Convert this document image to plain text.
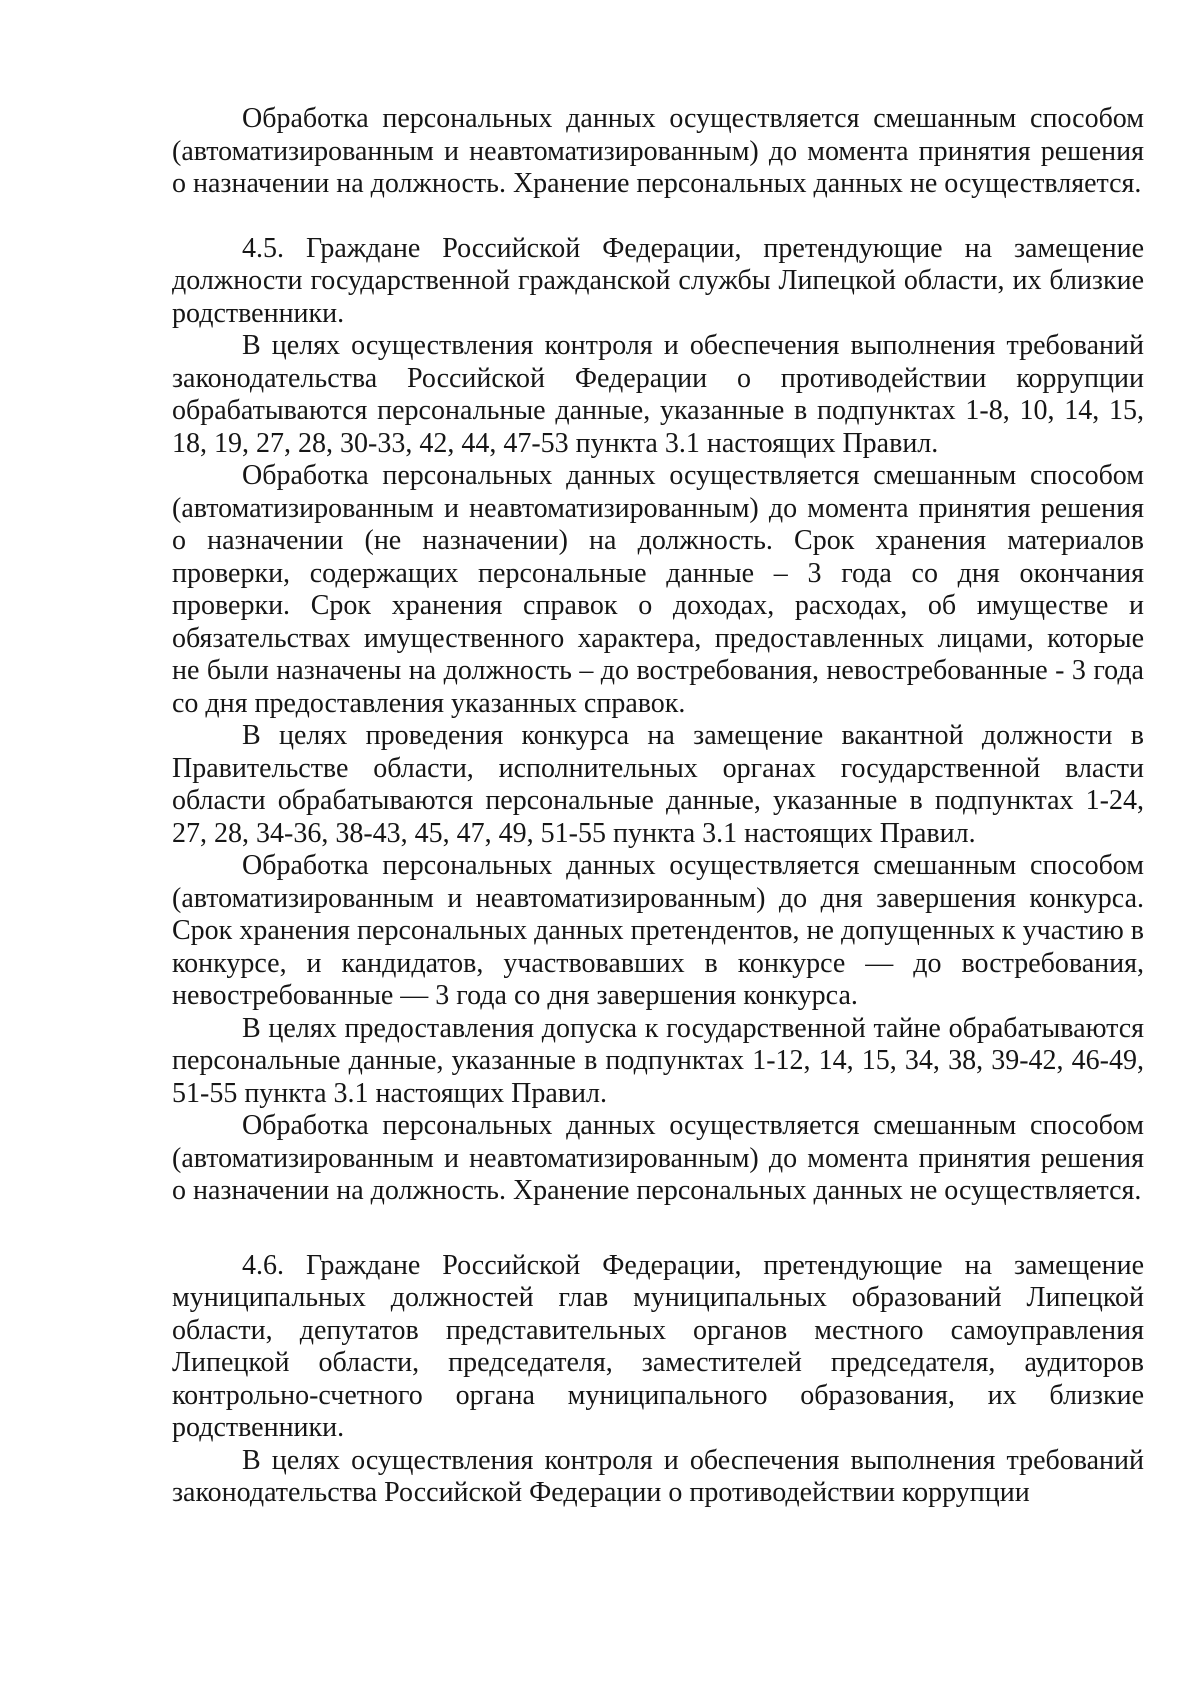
Обработка персональных данных осуществляется смешанным способом (автоматизированным и неавтоматизированным) до момента принятия решения о назначении на должность. Хранение персональных данных не осуществляется.

4.5. Граждане Российской Федерации, претендующие на замещение должности государственной гражданской службы Липецкой области, их близкие родственники.

В целях осуществления контроля и обеспечения выполнения требований законодательства Российской Федерации о противодействии коррупции обрабатываются персональные данные, указанные в подпунктах 1-8, 10, 14, 15, 18, 19, 27, 28, 30-33, 42, 44, 47-53 пункта 3.1 настоящих Правил.

Обработка персональных данных осуществляется смешанным способом (автоматизированным и неавтоматизированным) до момента принятия решения о назначении (не назначении) на должность. Срок хранения материалов проверки, содержащих персональные данные – 3 года со дня окончания проверки. Срок хранения справок о доходах, расходах, об имуществе и обязательствах имущественного характера, предоставленных лицами, которые не были назначены на должность – до востребования, невостребованные - 3 года со дня предоставления указанных справок.

В целях проведения конкурса на замещение вакантной должности в Правительстве области, исполнительных органах государственной власти области обрабатываются персональные данные, указанные в подпунктах 1-24, 27, 28, 34-36, 38-43, 45, 47, 49, 51-55 пункта 3.1 настоящих Правил.

Обработка персональных данных осуществляется смешанным способом (автоматизированным и неавтоматизированным) до дня завершения конкурса. Срок хранения персональных данных претендентов, не допущенных к участию в конкурсе, и кандидатов, участвовавших в конкурсе — до востребования, невостребованные — 3 года со дня завершения конкурса.

В целях предоставления допуска к государственной тайне обрабатываются персональные данные, указанные в подпунктах 1-12, 14, 15, 34, 38, 39-42, 46-49, 51-55 пункта 3.1 настоящих Правил.

Обработка персональных данных осуществляется смешанным способом (автоматизированным и неавтоматизированным) до момента принятия решения о назначении на должность. Хранение персональных данных не осуществляется.

4.6. Граждане Российской Федерации, претендующие на замещение муниципальных должностей глав муниципальных образований Липецкой области, депутатов представительных органов местного самоуправления Липецкой области, председателя, заместителей председателя, аудиторов контрольно-счетного органа муниципального образования, их близкие родственники.

В целях осуществления контроля и обеспечения выполнения требований законодательства Российской Федерации о противодействии коррупции
